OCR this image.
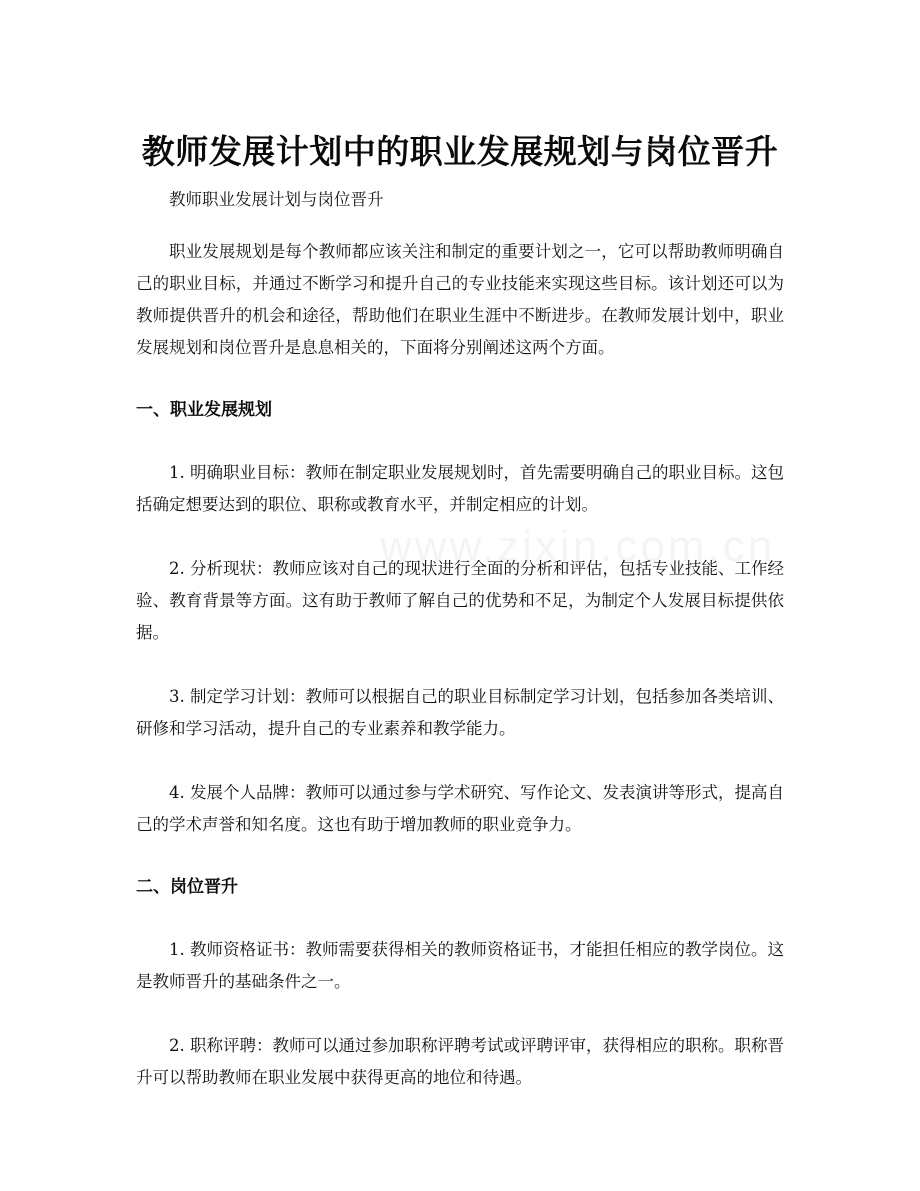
教师发展计划中的职业发展规划与岗位晋升

教师职业发展计划与岗位晋升

职业发展规划是每个教师都应该关注和制定的重要计划之一，它可以帮助教师明确自己的职业目标，并通过不断学习和提升自己的专业技能来实现这些目标。该计划还可以为教师提供晋升的机会和途径，帮助他们在职业生涯中不断进步。在教师发展计划中，职业发展规划和岗位晋升是息息相关的，下面将分别阐述这两个方面。

一、职业发展规划

1. 明确职业目标：教师在制定职业发展规划时，首先需要明确自己的职业目标。这包括确定想要达到的职位、职称或教育水平，并制定相应的计划。

2. 分析现状：教师应该对自己的现状进行全面的分析和评估，包括专业技能、工作经验、教育背景等方面。这有助于教师了解自己的优势和不足，为制定个人发展目标提供依据。

3. 制定学习计划：教师可以根据自己的职业目标制定学习计划，包括参加各类培训、研修和学习活动，提升自己的专业素养和教学能力。

4. 发展个人品牌：教师可以通过参与学术研究、写作论文、发表演讲等形式，提高自己的学术声誉和知名度。这也有助于增加教师的职业竞争力。

二、岗位晋升

1. 教师资格证书：教师需要获得相关的教师资格证书，才能担任相应的教学岗位。这是教师晋升的基础条件之一。

2. 职称评聘：教师可以通过参加职称评聘考试或评聘评审，获得相应的职称。职称晋升可以帮助教师在职业发展中获得更高的地位和待遇。
